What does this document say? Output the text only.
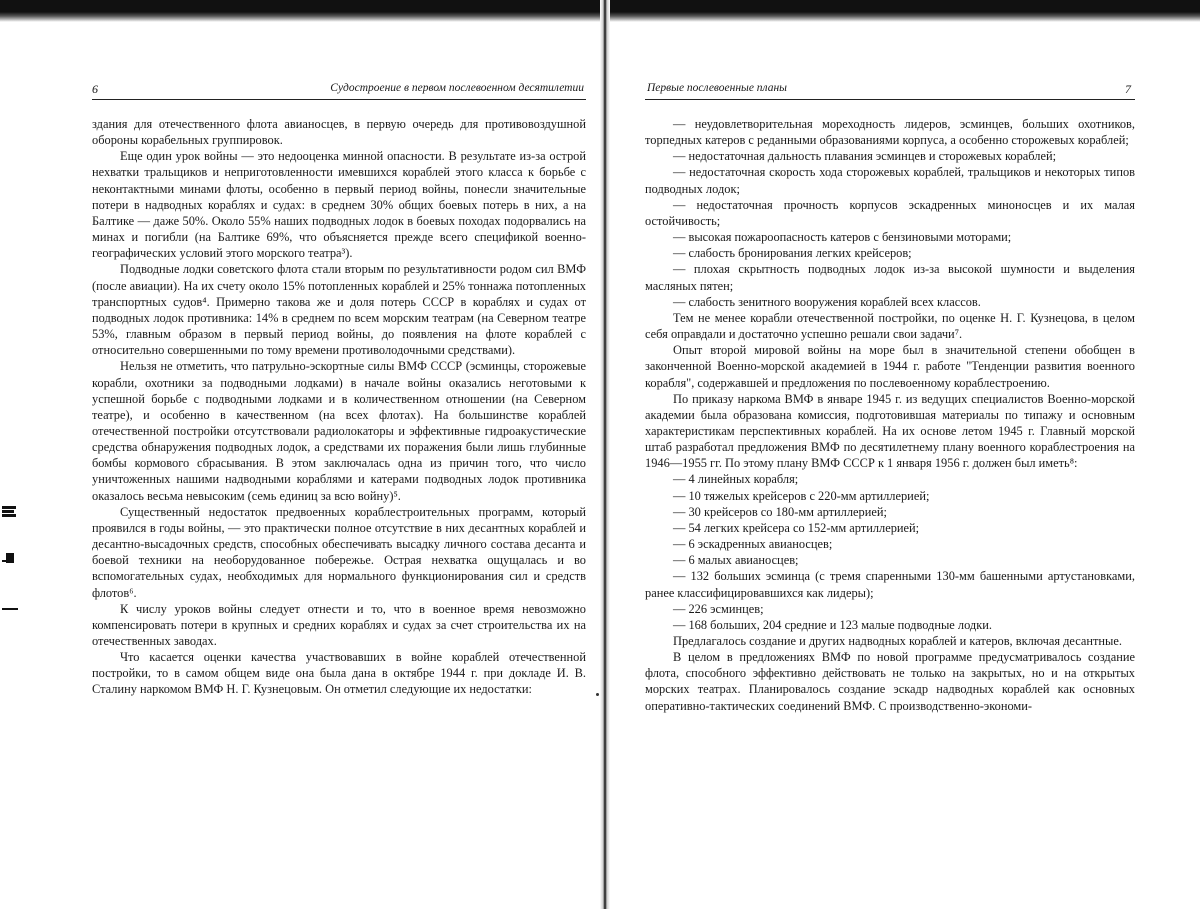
6	Судостроение в первом послевоенном десятилетии

здания для отечественного флота авианосцев, в первую очередь для противовоздушной обороны корабельных группировок.

Еще один урок войны — это недооценка минной опасности. В результате из-за острой нехватки тральщиков и неприготовленности имевшихся кораблей этого класса к борьбе с неконтактными минами флоты, особенно в первый период войны, понесли значительные потери в надводных кораблях и судах: в среднем 30% общих боевых потерь в них, а на Балтике — даже 50%. Около 55% наших подводных лодок в боевых походах подорвались на минах и погибли (на Балтике 69%, что объясняется прежде всего спецификой военно-географических условий этого морского театра³).

Подводные лодки советского флота стали вторым по результативности родом сил ВМФ (после авиации). На их счету около 15% потопленных кораблей и 25% тоннажа потопленных транспортных судов⁴. Примерно такова же и доля потерь СССР в кораблях и судах от подводных лодок противника: 14% в среднем по всем морским театрам (на Северном театре 53%, главным образом в первый период войны, до появления на флоте кораблей с относительно совершенными по тому времени противолодочными средствами).

Нельзя не отметить, что патрульно-эскортные силы ВМФ СССР (эсминцы, сторожевые корабли, охотники за подводными лодками) в начале войны оказались неготовыми к успешной борьбе с подводными лодками и в количественном отношении (на Северном театре), и особенно в качественном (на всех флотах). На большинстве кораблей отечественной постройки отсутствовали радиолокаторы и эффективные гидроакустические средства обнаружения подводных лодок, а средствами их поражения были лишь глубинные бомбы кормового сбрасывания. В этом заключалась одна из причин того, что число уничтоженных нашими надводными кораблями и катерами подводных лодок противника оказалось весьма невысоким (семь единиц за всю войну)⁵.

Существенный недостаток предвоенных кораблестроительных программ, который проявился в годы войны, — это практически полное отсутствие в них десантных кораблей и десантно-высадочных средств, способных обеспечивать высадку личного состава десанта и боевой техники на необорудованное побережье. Острая нехватка ощущалась и во вспомогательных судах, необходимых для нормального функционирования сил и средств флотов⁶.

К числу уроков войны следует отнести и то, что в военное время невозможно компенсировать потери в крупных и средних кораблях и судах за счет строительства их на отечественных заводах.

Что касается оценки качества участвовавших в войне кораблей отечественной постройки, то в самом общем виде она была дана в октябре 1944 г. при докладе И. В. Сталину наркомом ВМФ Н. Г. Кузнецовым. Он отметил следующие их недостатки:

Первые послевоенные планы	7

— неудовлетворительная мореходность лидеров, эсминцев, больших охотников, торпедных катеров с реданными образованиями корпуса, а особенно сторожевых кораблей;

— недостаточная дальность плавания эсминцев и сторожевых кораблей;

— недостаточная скорость хода сторожевых кораблей, тральщиков и некоторых типов подводных лодок;

— недостаточная прочность корпусов эскадренных миноносцев и их малая остойчивость;

— высокая пожароопасность катеров с бензиновыми моторами;

— слабость бронирования легких крейсеров;

— плохая скрытность подводных лодок из-за высокой шумности и выделения масляных пятен;

— слабость зенитного вооружения кораблей всех классов.

Тем не менее корабли отечественной постройки, по оценке Н. Г. Кузнецова, в целом себя оправдали и достаточно успешно решали свои задачи⁷.

Опыт второй мировой войны на море был в значительной степени обобщен в законченной Военно-морской академией в 1944 г. работе "Тенденции развития военного корабля", содержавшей и предложения по послевоенному кораблестроению.

По приказу наркома ВМФ в январе 1945 г. из ведущих специалистов Военно-морской академии была образована комиссия, подготовившая материалы по типажу и основным характеристикам перспективных кораблей. На их основе летом 1945 г. Главный морской штаб разработал предложения ВМФ по десятилетнему плану военного кораблестроения на 1946—1955 гг. По этому плану ВМФ СССР к 1 января 1956 г. должен был иметь⁸:

— 4 линейных корабля;

— 10 тяжелых крейсеров с 220-мм артиллерией;

— 30 крейсеров со 180-мм артиллерией;

— 54 легких крейсера со 152-мм артиллерией;

— 6 эскадренных авианосцев;

— 6 малых авианосцев;

— 132 больших эсминца (с тремя спаренными 130-мм башенными артустановками, ранее классифицировавшихся как лидеры);

— 226 эсминцев;

— 168 больших, 204 средние и 123 малые подводные лодки.

Предлагалось создание и других надводных кораблей и катеров, включая десантные.

В целом в предложениях ВМФ по новой программе предусматривалось создание флота, способного эффективно действовать не только на закрытых, но и на открытых морских театрах. Планировалось создание эскадр надводных кораблей как основных оперативно-тактических соединений ВМФ. С производственно-экономи-
